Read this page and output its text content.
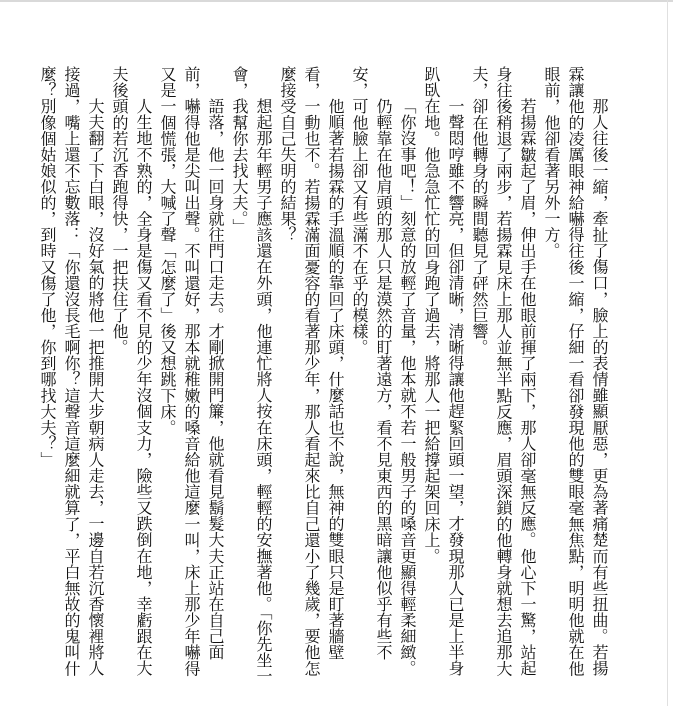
那人往後一縮，牽扯了傷口，臉上的表情雖顯厭惡，更為著痛楚而有些扭曲。若揚霖讓他的凌厲眼神給嚇得往後一縮，仔細一看卻發現他的雙眼毫無焦點，明明他就在他眼前，他卻看著另外一方。

若揚霖皺起了眉，伸出手在他眼前揮了兩下，那人卻毫無反應。他心下一驚，站起身往後稍退了兩步，若揚霖見床上那人並無半點反應，眉頭深鎖的他轉身就想去追那大夫，卻在他轉身的瞬間聽見了砰然巨響。

一聲悶哼雖不響亮，但卻清晰，清晰得讓他趕緊回頭一望，才發現那人已是上半身趴臥在地。他急急忙忙的回身跑了過去，將那人一把給撐起架回床上。

「你沒事吧！」刻意的放輕了音量，他本就不若一般男子的嗓音更顯得輕柔細緻。

仍輕靠在他肩頭的那人只是漠然的盯著遠方，看不見東西的黑暗讓他似乎有些不安，可他臉上卻又有些滿不在乎的模樣。

他順著若揚霖的手溫順的靠回了床頭，什麼話也不說，無神的雙眼只是盯著牆壁看，一動也不。若揚霖滿面憂容的看著那少年，那人看起來比自己還小了幾歲，要他怎麼接受自己失明的結果？

想起那年輕男子應該還在外頭，他連忙將人按在床頭，輕輕的安撫著他。「你先坐一會，我幫你去找大夫。」

語落，他一回身就往門口走去。才剛掀開門簾，他就看見鬍髮大夫正站在自己面前，嚇得他是尖叫出聲。不叫還好，那本就稚嫩的嗓音給他這麼一叫，床上那少年嚇得又是一個慌張，大喊了聲「怎麼了」後又想跳下床。

人生地不熟的，全身是傷又看不見的少年沒個支力，險些又跌倒在地，幸虧跟在大夫後頭的若沉香跑得快，一把扶住了他。

大夫翻了下白眼，沒好氣的將他一把推開大步朝病人走去，一邊自若沉香懷裡將人接過，嘴上還不忘數落：「你還沒長毛啊你？這聲音這麼細就算了，平白無故的鬼叫什麼？別像個姑娘似的，到時又傷了他，你到哪找大夫？」
